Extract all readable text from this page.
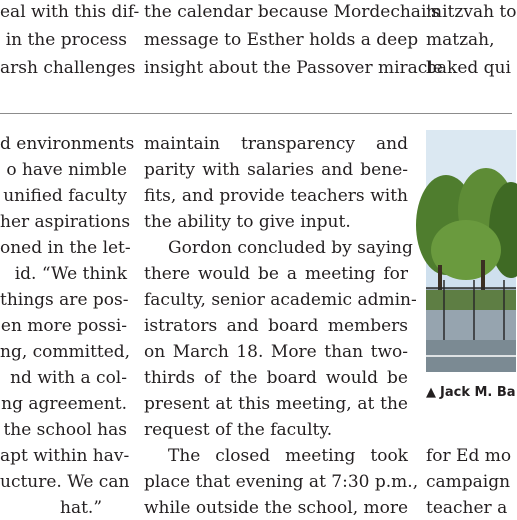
eal with this dif-
in the process
arsh challenges
the calendar because Mordechai's
message to Esther holds a deep
insight about the Passover miracle
mitzvah to
matzah,
baked qui
d environments
o have nimble
unified faculty
her aspirations
oned in the let-
id. “We think
things are pos-
en more possi-
ng, committed,
nd with a col-
ng agreement.
the school has
apt within hav-
ucture. We can
hat.”
maintain transparency and
parity with salaries and bene-
fits, and provide teachers with
the ability to give input.
Gordon concluded by saying
there would be a meeting for
faculty, senior academic admin-
istrators and board members
on March 18. More than two-
thirds of the board would be
present at this meeting, at the
request of the faculty.
The closed meeting took
place that evening at 7:30 p.m.,
while outside the school, more
▲ Jack M. Ba
for Ed mo
campaign
teacher a
